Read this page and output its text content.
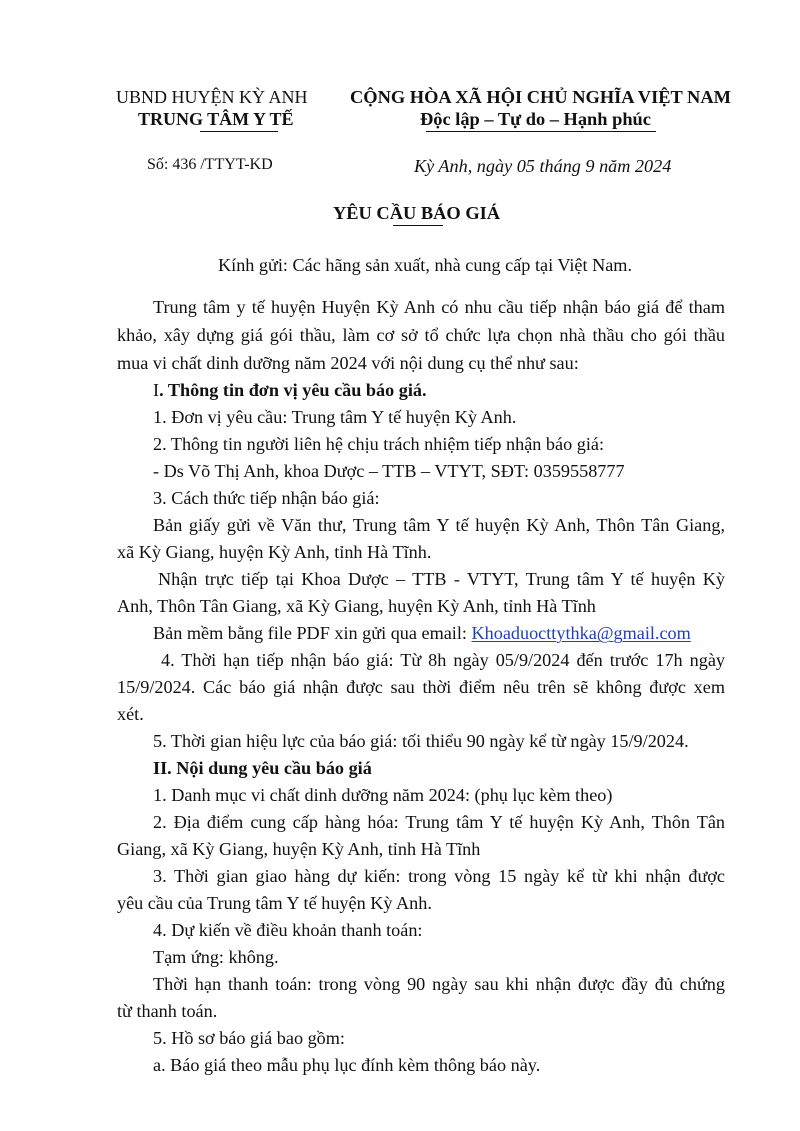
UBND HUYỆN KỲ ANH
TRUNG TÂM Y TẾ
CỘNG HÒA XÃ HỘI CHỦ NGHĨA VIỆT NAM
Độc lập – Tự do – Hạnh phúc
Số: 436 /TTYT-KD	Kỳ Anh, ngày 05 tháng 9 năm 2024
YÊU CẦU BÁO GIÁ
Kính gửi: Các hãng sản xuất, nhà cung cấp tại Việt Nam.
Trung tâm y tế huyện Huyện Kỳ Anh có nhu cầu tiếp nhận báo giá để tham
khảo, xây dựng giá gói thầu, làm cơ sở tổ chức lựa chọn nhà thầu cho gói thầu
mua vi chất dinh dưỡng năm 2024 với nội dung cụ thể như sau:
I. Thông tin đơn vị yêu cầu báo giá.
1. Đơn vị yêu cầu: Trung tâm Y tế huyện Kỳ Anh.
2. Thông tin người liên hệ chịu trách nhiệm tiếp nhận báo giá:
- Ds Võ Thị Anh, khoa Dược – TTB – VTYT, SĐT: 0359558777
3. Cách thức tiếp nhận báo giá:
Bản giấy gửi về Văn thư, Trung tâm Y tế huyện Kỳ Anh, Thôn Tân Giang,
xã Kỳ Giang, huyện Kỳ Anh, tỉnh Hà Tĩnh.
Nhận trực tiếp tại Khoa Dược – TTB - VTYT, Trung tâm Y tế huyện Kỳ
Anh, Thôn Tân Giang, xã Kỳ Giang, huyện Kỳ Anh, tỉnh Hà Tĩnh
Bản mềm bằng file PDF xin gửi qua email: Khoaduocttythka@gmail.com
4. Thời hạn tiếp nhận báo giá: Từ 8h ngày 05/9/2024 đến trước 17h ngày
15/9/2024. Các báo giá nhận được sau thời điểm nêu trên sẽ không được xem
xét.
5. Thời gian hiệu lực của báo giá: tối thiểu 90 ngày kể từ ngày 15/9/2024.
II. Nội dung yêu cầu báo giá
1. Danh mục vi chất dinh dưỡng năm 2024: (phụ lục kèm theo)
2. Địa điểm cung cấp hàng hóa: Trung tâm Y tế huyện Kỳ Anh, Thôn Tân
Giang, xã Kỳ Giang, huyện Kỳ Anh, tỉnh Hà Tĩnh
3. Thời gian giao hàng dự kiến: trong vòng 15 ngày kể từ khi nhận được
yêu cầu của Trung tâm Y tế huyện Kỳ Anh.
4. Dự kiến về điều khoản thanh toán:
Tạm ứng: không.
Thời hạn thanh toán: trong vòng 90 ngày sau khi nhận được đầy đủ chứng
từ thanh toán.
5. Hồ sơ báo giá bao gồm:
a. Báo giá theo mẫu phụ lục đính kèm thông báo này.
